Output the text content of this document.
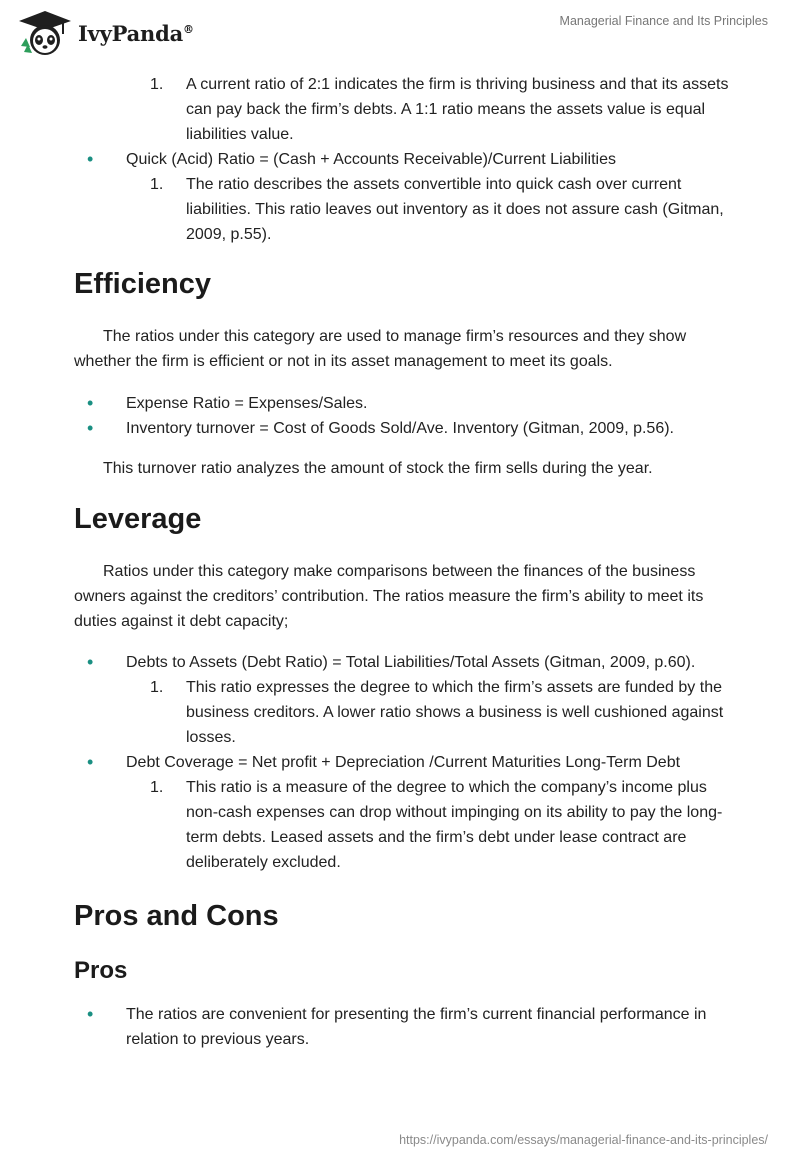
IvyPanda®
Managerial Finance and Its Principles
1.	A current ratio of 2:1 indicates the firm is thriving business and that its assets can pay back the firm’s debts. A 1:1 ratio means the assets value is equal liabilities value.
• Quick (Acid) Ratio = (Cash + Accounts Receivable)/Current Liabilities
1.	The ratio describes the assets convertible into quick cash over current liabilities. This ratio leaves out inventory as it does not assure cash (Gitman, 2009, p.55).
Efficiency

The ratios under this category are used to manage firm’s resources and they show whether the firm is efficient or not in its asset management to meet its goals.

• Expense Ratio = Expenses/Sales.
• Inventory turnover = Cost of Goods Sold/Ave. Inventory (Gitman, 2009, p.56).

This turnover ratio analyzes the amount of stock the firm sells during the year.

Leverage

Ratios under this category make comparisons between the finances of the business owners against the creditors’ contribution. The ratios measure the firm’s ability to meet its duties against it debt capacity;

• Debts to Assets (Debt Ratio) = Total Liabilities/Total Assets (Gitman, 2009, p.60).
1.	This ratio expresses the degree to which the firm’s assets are funded by the business creditors. A lower ratio shows a business is well cushioned against losses.
• Debt Coverage = Net profit + Depreciation /Current Maturities Long-Term Debt
1.	This ratio is a measure of the degree to which the company’s income plus non-cash expenses can drop without impinging on its ability to pay the long-term debts. Leased assets and the firm’s debt under lease contract are deliberately excluded.
Pros and Cons
Pros
• The ratios are convenient for presenting the firm’s current financial performance in relation to previous years.
https://ivypanda.com/essays/managerial-finance-and-its-principles/
